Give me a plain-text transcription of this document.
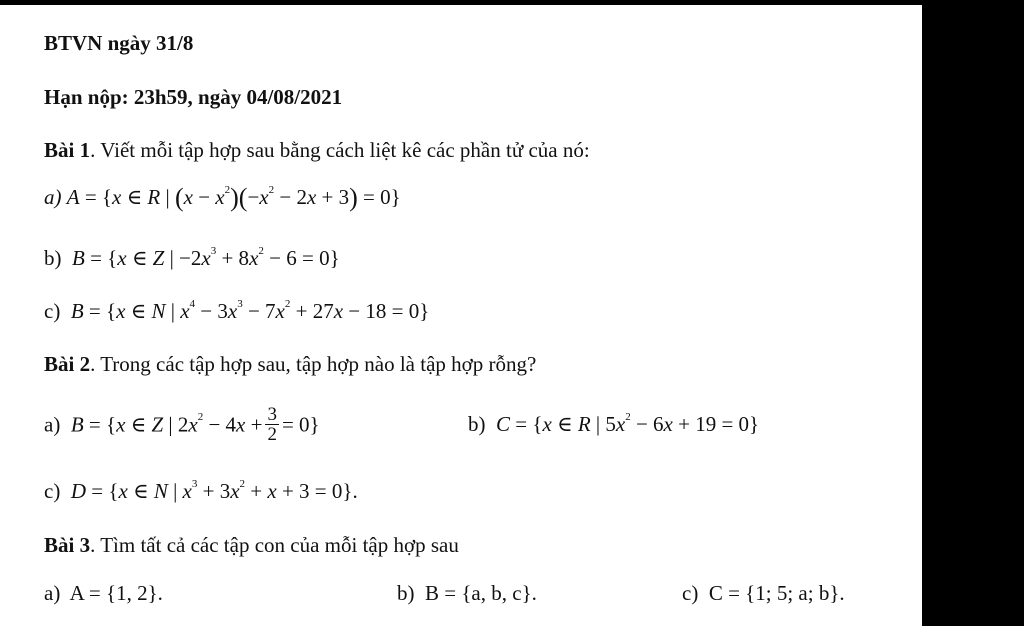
BTVN ngày 31/8
Hạn nộp: 23h59, ngày 04/08/2021
Bài 1. Viết mỗi tập hợp sau bằng cách liệt kê các phần tử của nó:
a) A = {x ∈ R | $(x - x^2)(-x^2 - 2x + 3) = 0$}
b) B = {x ∈ Z | $-2x^3 + 8x^2 - 6 = 0$}
c) B = {x ∈ N | $x^4 - 3x^3 - 7x^2 + 27x - 18 = 0$}
Bài 2. Trong các tập hợp sau, tập hợp nào là tập hợp rỗng?
a) B = {x ∈ Z | $2x^2 - 4x + \frac{3}{2} = 0$}	b) C = {x ∈ R | $5x^2 - 6x + 19 = 0$}
c) D = {x ∈ N | $x^3 + 3x^2 + x + 3 = 0$}.
Bài 3. Tìm tất cả các tập con của mỗi tập hợp sau
a)  A = {1, 2}.	b)  B = {a, b, c}.	c)  C = {1; 5; a; b}.
